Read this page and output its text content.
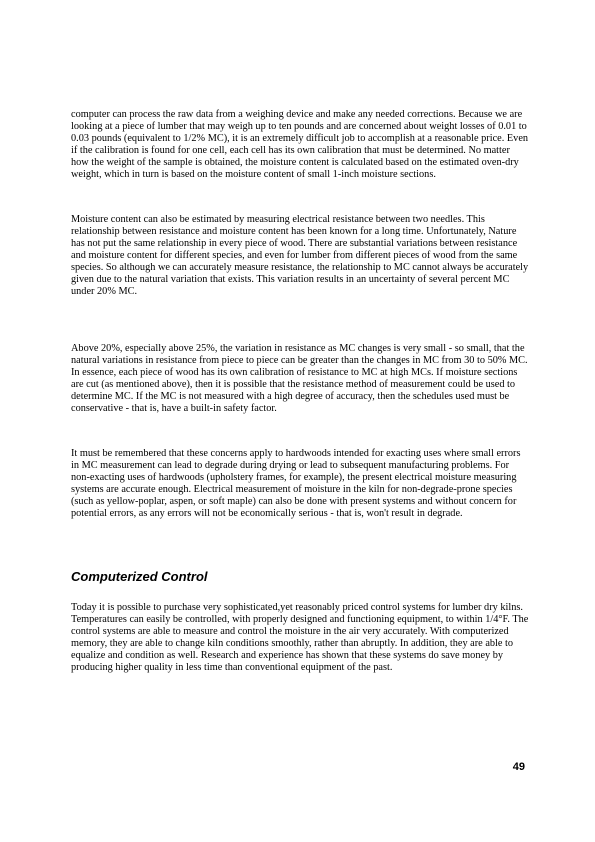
computer can process the raw data from a weighing device and make any needed corrections. Because we are looking at a piece of lumber that may weigh up to ten pounds and are concerned about weight losses of 0.01 to 0.03 pounds (equivalent to 1/2% MC), it is an extremely difficult job to accomplish at a reasonable price. Even if the calibration is found for one cell, each cell has its own calibration that must be determined. No matter how the weight of the sample is obtained, the moisture content is calculated based on the estimated oven-dry weight, which in turn is based on the moisture content of small 1-inch moisture sections.

Moisture content can also be estimated by measuring electrical resistance between two needles. This relationship between resistance and moisture content has been known for a long time. Unfortunately, Nature has not put the same relationship in every piece of wood. There are substantial variations between resistance and moisture content for different species, and even for lumber from different pieces of wood from the same species. So although we can accurately measure resistance, the relationship to MC cannot always be accurately given due to the natural variation that exists. This variation results in an uncertainty of several percent MC under 20% MC.

Above 20%, especially above 25%, the variation in resistance as MC changes is very small - so small, that the natural variations in resistance from piece to piece can be greater than the changes in MC from 30 to 50% MC. In essence, each piece of wood has its own calibration of resistance to MC at high MCs. If moisture sections are cut (as mentioned above), then it is possible that the resistance method of measurement could be used to determine MC. If the MC is not measured with a high degree of accuracy, then the schedules used must be conservative - that is, have a built-in safety factor.

It must be remembered that these concerns apply to hardwoods intended for exacting uses where small errors in MC measurement can lead to degrade during drying or lead to subsequent manufacturing problems. For non-exacting uses of hardwoods (upholstery frames, for example), the present electrical moisture measuring systems are accurate enough. Electrical measurement of moisture in the kiln for non-degrade-prone species (such as yellow-poplar, aspen, or soft maple) can also be done with present systems and without concern for potential errors, as any errors will not be economically serious - that is, won't result in degrade.

Computerized Control

Today it is possible to purchase very sophisticated,yet reasonably priced control systems for lumber dry kilns. Temperatures can easily be controlled, with properly designed and functioning equipment, to within 1/4°F. The control systems are able to measure and control the moisture in the air very accurately. With computerized memory, they are able to change kiln conditions smoothly, rather than abruptly. In addition, they are able to equalize and condition as well. Research and experience has shown that these systems do save money by producing higher quality in less time than conventional equipment of the past.

49
